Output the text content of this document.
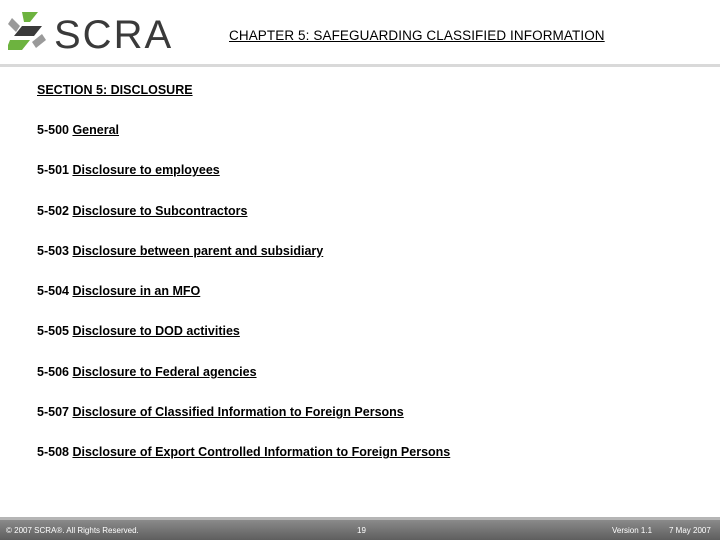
SCRA	CHAPTER 5: SAFEGUARDING CLASSIFIED INFORMATION
SECTION 5: DISCLOSURE
5-500 General
5-501 Disclosure to employees
5-502 Disclosure to Subcontractors
5-503 Disclosure between parent and subsidiary
5-504 Disclosure in an MFO
5-505 Disclosure to DOD activities
5-506 Disclosure to Federal agencies
5-507 Disclosure of Classified Information to Foreign Persons
5-508 Disclosure of Export Controlled Information to Foreign Persons
© 2007 SCRA®. All Rights Reserved.	19	Version 1.1 7 May 2007
